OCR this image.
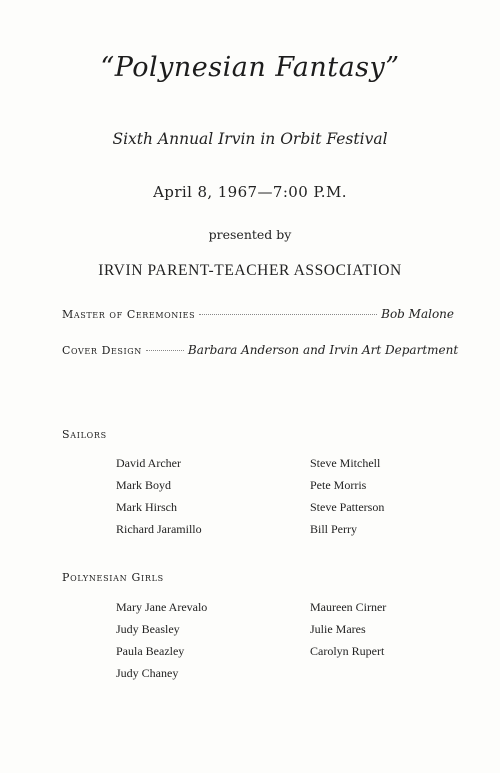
“Polynesian Fantasy”
Sixth Annual Irvin in Orbit Festival
April 8, 1967—7:00 P.M.
presented by
IRVIN PARENT-TEACHER ASSOCIATION
Master of Ceremonies	Bob Malone
Cover Design	Barbara Anderson and Irvin Art Department
Sailors
David Archer
Mark Boyd
Mark Hirsch
Richard Jaramillo
Steve Mitchell
Pete Morris
Steve Patterson
Bill Perry
Polynesian Girls
Mary Jane Arevalo
Judy Beasley
Paula Beazley
Judy Chaney
Maureen Cirner
Julie Mares
Carolyn Rupert
